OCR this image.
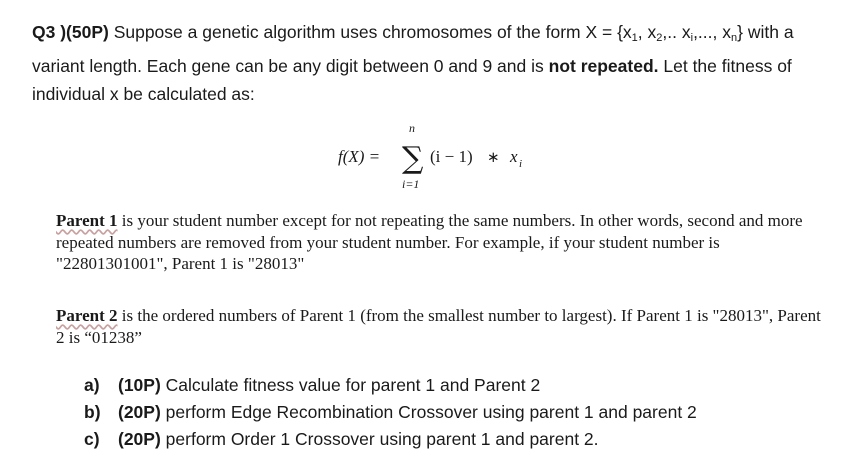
Q3 )(50P) Suppose a genetic algorithm uses chromosomes of the form $X = \{x_1$, $x_2$,.. $x_i$,..., $x_n$} with a variant length. Each gene can be any digit between 0 and 9 and is not repeated. Let the fitness of individual x be calculated as:
f(X) =
n
∑
i=1
(i − 1) ∗ x i
Parent 1 is your student number except for not repeating the same numbers. In other words, second and more repeated numbers are removed from your student number. For example, if your student number is "22801301001", Parent 1 is "28013"
Parent 2 is the ordered numbers of Parent 1 (from the smallest number to largest). If Parent 1 is "28013", Parent 2 is “01238”
a)	(10P) Calculate fitness value for parent 1 and Parent 2
b) (20P) perform Edge Recombination Crossover using parent 1 and parent 2
c)	(20P) perform Order 1 Crossover using parent 1 and parent 2.
